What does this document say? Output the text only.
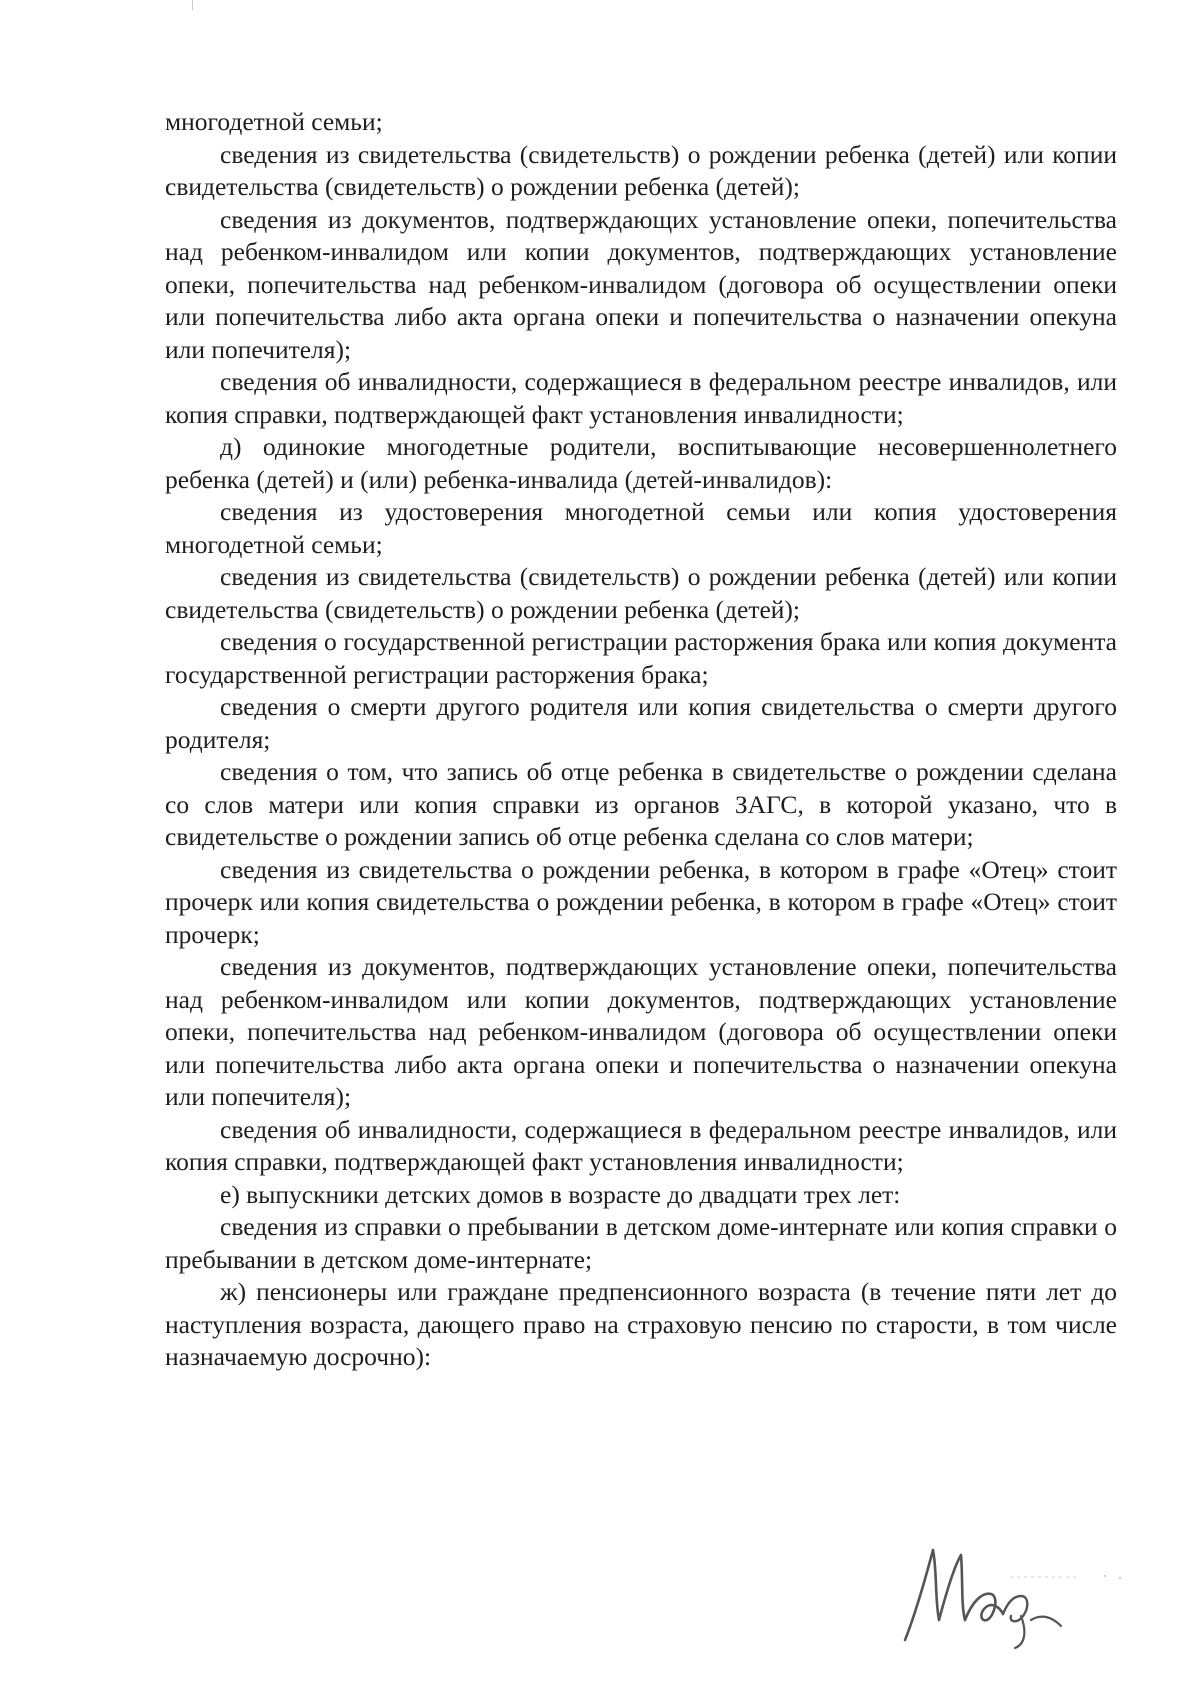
многодетной семьи;

сведения из свидетельства (свидетельств) о рождении ребенка (детей) или копии свидетельства (свидетельств) о рождении ребенка (детей);

сведения из документов, подтверждающих установление опеки, попечительства над ребенком-инвалидом или копии документов, подтверждающих установление опеки, попечительства над ребенком-инвалидом (договора об осуществлении опеки или попечительства либо акта органа опеки и попечительства о назначении опекуна или попечителя);

сведения об инвалидности, содержащиеся в федеральном реестре инвалидов, или копия справки, подтверждающей факт установления инвалидности;

д) одинокие многодетные родители, воспитывающие несовершеннолетнего ребенка (детей) и (или) ребенка-инвалида (детей-инвалидов):

сведения из удостоверения многодетной семьи или копия удостоверения многодетной семьи;

сведения из свидетельства (свидетельств) о рождении ребенка (детей) или копии свидетельства (свидетельств) о рождении ребенка (детей);

сведения о государственной регистрации расторжения брака или копия документа государственной регистрации расторжения брака;

сведения о смерти другого родителя или копия свидетельства о смерти другого родителя;

сведения о том, что запись об отце ребенка в свидетельстве о рождении сделана со слов матери или копия справки из органов ЗАГС, в которой указано, что в свидетельстве о рождении запись об отце ребенка сделана со слов матери;

сведения из свидетельства о рождении ребенка, в котором в графе «Отец» стоит прочерк или копия свидетельства о рождении ребенка, в котором в графе «Отец» стоит прочерк;

сведения из документов, подтверждающих установление опеки, попечительства над ребенком-инвалидом или копии документов, подтверждающих установление опеки, попечительства над ребенком-инвалидом (договора об осуществлении опеки или попечительства либо акта органа опеки и попечительства о назначении опекуна или попечителя);

сведения об инвалидности, содержащиеся в федеральном реестре инвалидов, или копия справки, подтверждающей факт установления инвалидности;

е) выпускники детских домов в возрасте до двадцати трех лет:

сведения из справки о пребывании в детском доме-интернате или копия справки о пребывании в детском доме-интернате;

ж) пенсионеры или граждане предпенсионного возраста (в течение пяти лет до наступления возраста, дающего право на страховую пенсию по старости, в том числе назначаемую досрочно):
